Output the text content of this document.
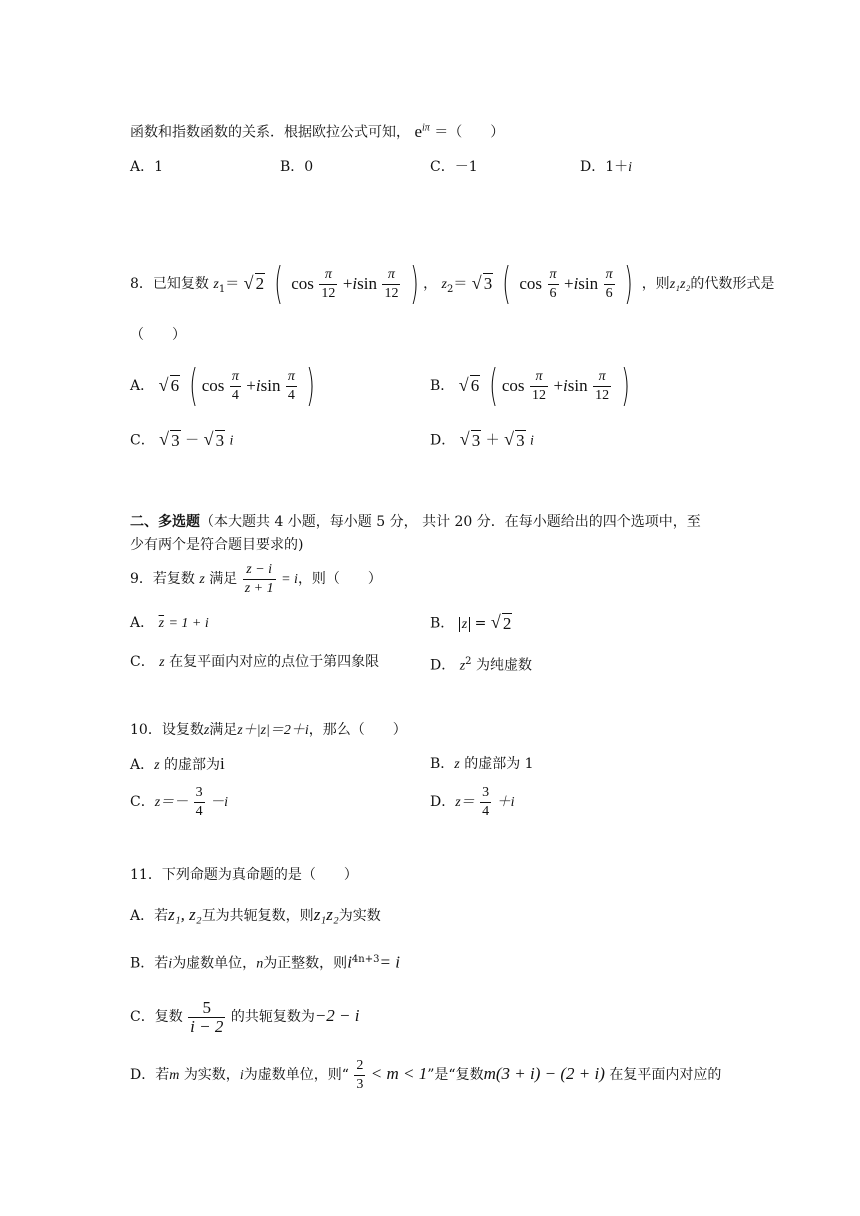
函数和指数函数的关系．根据欧拉公式可知， $e^{i\pi}$ ＝（　　）
A．1	B．0	C．－1	D．1＋i
8．已知复数 $z_1=$ √ 2 ( $\cos \frac{\pi}{12} +isin \frac{\pi}{12}$ ) ， $z_2=$ √ 3 ( $\cos \frac{\pi}{6} +isin \frac{\pi}{6}$ ) ，则z₁z₂的代数形式是
（　　）
A． √ 6 ( $\cos \frac{\pi}{4} +isin \frac{\pi}{4}$ )	B． √ 6 ( $\cos \frac{\pi}{12} +isin \frac{\pi}{12}$ )
C． √ 3 － √ 3 i	D． √ 3 ＋ √ 3 i
二、多选题（本大题共 4 小题，每小题 5 分， 共计 20 分．在每小题给出的四个选项中，至
少有两个是符合题目要求的)
9．若复数 z 满足 $\frac{z - i}{z + 1} = i$，则（　　）
A． $\overline{z} = 1 + i$	B． z = √ 2
C． z 在复平面内对应的点位于第四象限	D． $z^2$ 为纯虚数
10．设复数z满足z＋|z|＝2＋i，那么（　　）
A．z 的虚部为i	B．z 的虚部为 1
C．$z=- \frac{3}{4} -i$	D．$z= \frac{3}{4} +i$
11．下列命题为真命题的是（　　）
A．若z₁, z₂互为共轭复数，则z₁z₂为实数
B．若i为虚数单位，n为正整数，则$i^{4n+3}= i$
C．复数 $\frac{5}{i - 2}$ 的共轭复数为−2 − i
D．若m 为实数，i为虚数单位，则“ $\frac{2}{3} < m < 1$”是“复数m(3 + i) − (2 + i) 在复平面内对应的
